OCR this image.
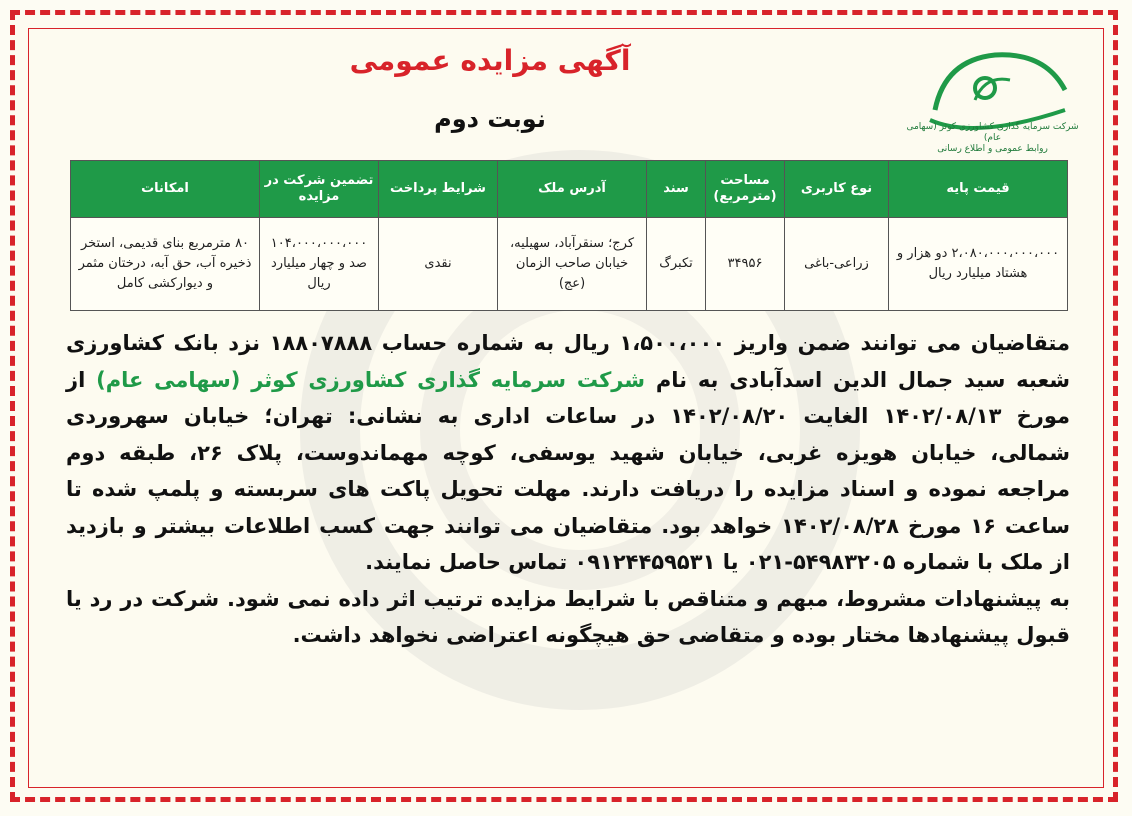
شرکت سرمایه گذاری کشاورزی کوثر (سهامی عام)
روابط عمومی و اطلاع رسانی
آگهی مزایده عمومی
نوبت دوم
قیمت پایه	نوع کاربری	مساحت (مترمربع)	سند	آدرس ملک	شرایط پرداخت	تضمین شرکت در مزایده	امکانات
۲،۰۸۰،۰۰۰،۰۰۰،۰۰۰ دو هزار و هشتاد میلیارد ریال	زراعی-باغی	۳۴۹۵۶	تکبرگ	کرج؛ سنقرآباد، سهیلیه، خیابان صاحب الزمان (عج)	نقدی	۱۰۴،۰۰۰،۰۰۰،۰۰۰ صد و چهار میلیارد ریال	۸۰ مترمربع بنای قدیمی، استخر ذخیره آب، حق آبه، درختان مثمر و دیوارکشی کامل

متقاضیان می توانند ضمن واریز ۱،۵۰۰،۰۰۰ ریال به شماره حساب ۱۸۸۰۷۸۸۸ نزد بانک کشاورزی شعبه سید جمال الدین اسدآبادی به نام شرکت سرمایه گذاری کشاورزی کوثر (سهامی عام) از مورخ ۱۴۰۲/۰۸/۱۳ الغایت ۱۴۰۲/۰۸/۲۰ در ساعات اداری به نشانی: تهران؛ خیابان سهروردی شمالی، خیابان هویزه غربی، خیابان شهید یوسفی، کوچه مهماندوست، پلاک ۲۶، طبقه دوم مراجعه نموده و اسناد مزایده را دریافت دارند. مهلت تحویل پاکت های سربسته و پلمپ شده تا ساعت ۱۶ مورخ ۱۴۰۲/۰۸/۲۸ خواهد بود. متقاضیان می توانند جهت کسب اطلاعات بیشتر و بازدید از ملک با شماره ۵۴۹۸۳۲۰۵-۰۲۱ یا ۰۹۱۲۴۴۵۹۵۳۱ تماس حاصل نمایند.

به پیشنهادات مشروط، مبهم و متناقص با شرایط مزایده ترتیب اثر داده نمی شود. شرکت در رد یا قبول پیشنهادها مختار بوده و متقاضی حق هیچگونه اعتراضی نخواهد داشت.
